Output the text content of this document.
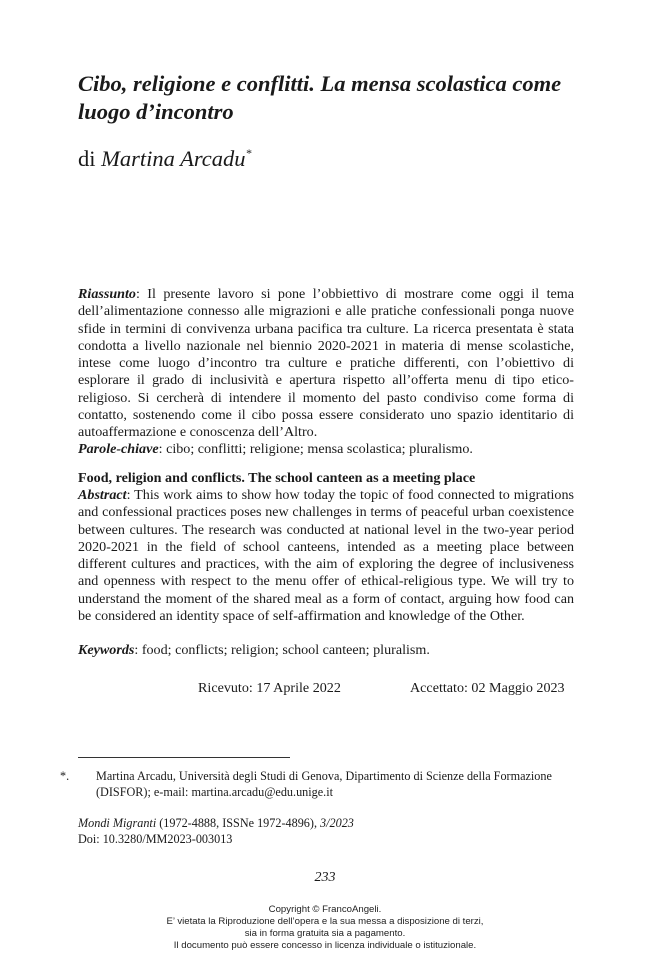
Cibo, religione e conflitti. La mensa scolastica come luogo d’incontro

di Martina Arcadu*

Riassunto: Il presente lavoro si pone l’obbiettivo di mostrare come oggi il tema dell’alimentazione connesso alle migrazioni e alle pratiche confessionali ponga nuove sfide in termini di convivenza urbana pacifica tra culture. La ricerca presentata è stata condotta a livello nazionale nel biennio 2020-2021 in materia di mense scolastiche, intese come luogo d’incontro tra culture e pratiche differenti, con l’obiettivo di esplorare il grado di inclusività e apertura rispetto all’offerta menu di tipo etico-religioso. Si cercherà di intendere il momento del pasto condiviso come forma di contatto, sostenendo come il cibo possa essere considerato uno spazio identitario di autoaffermazione e conoscenza dell’Altro.

Parole-chiave: cibo; conflitti; religione; mensa scolastica; pluralismo.

Food, religion and conflicts. The school canteen as a meeting place

Abstract: This work aims to show how today the topic of food connected to migrations and confessional practices poses new challenges in terms of peaceful urban coexistence between cultures. The research was conducted at national level in the two-year period 2020-2021 in the field of school canteens, intended as a meeting place between different cultures and practices, with the aim of exploring the degree of inclusiveness and openness with respect to the menu offer of ethical-religious type. We will try to understand the moment of the shared meal as a form of contact, arguing how food can be considered an identity space of self-affirmation and knowledge of the Other.

Keywords: food; conflicts; religion; school canteen; pluralism.

Ricevuto: 17 Aprile 2022	Accettato: 02 Maggio 2023

*. Martina Arcadu, Università degli Studi di Genova, Dipartimento di Scienze della Formazione (DISFOR); e-mail: martina.arcadu@edu.unige.it

Mondi Migranti (1972-4888, ISSNe 1972-4896), 3/2023

Doi: 10.3280/MM2023-003013

233

Copyright © FrancoAngeli.
E’ vietata la Riproduzione dell’opera e la sua messa a disposizione di terzi,
sia in forma gratuita sia a pagamento.
Il documento può essere concesso in licenza individuale o istituzionale.
